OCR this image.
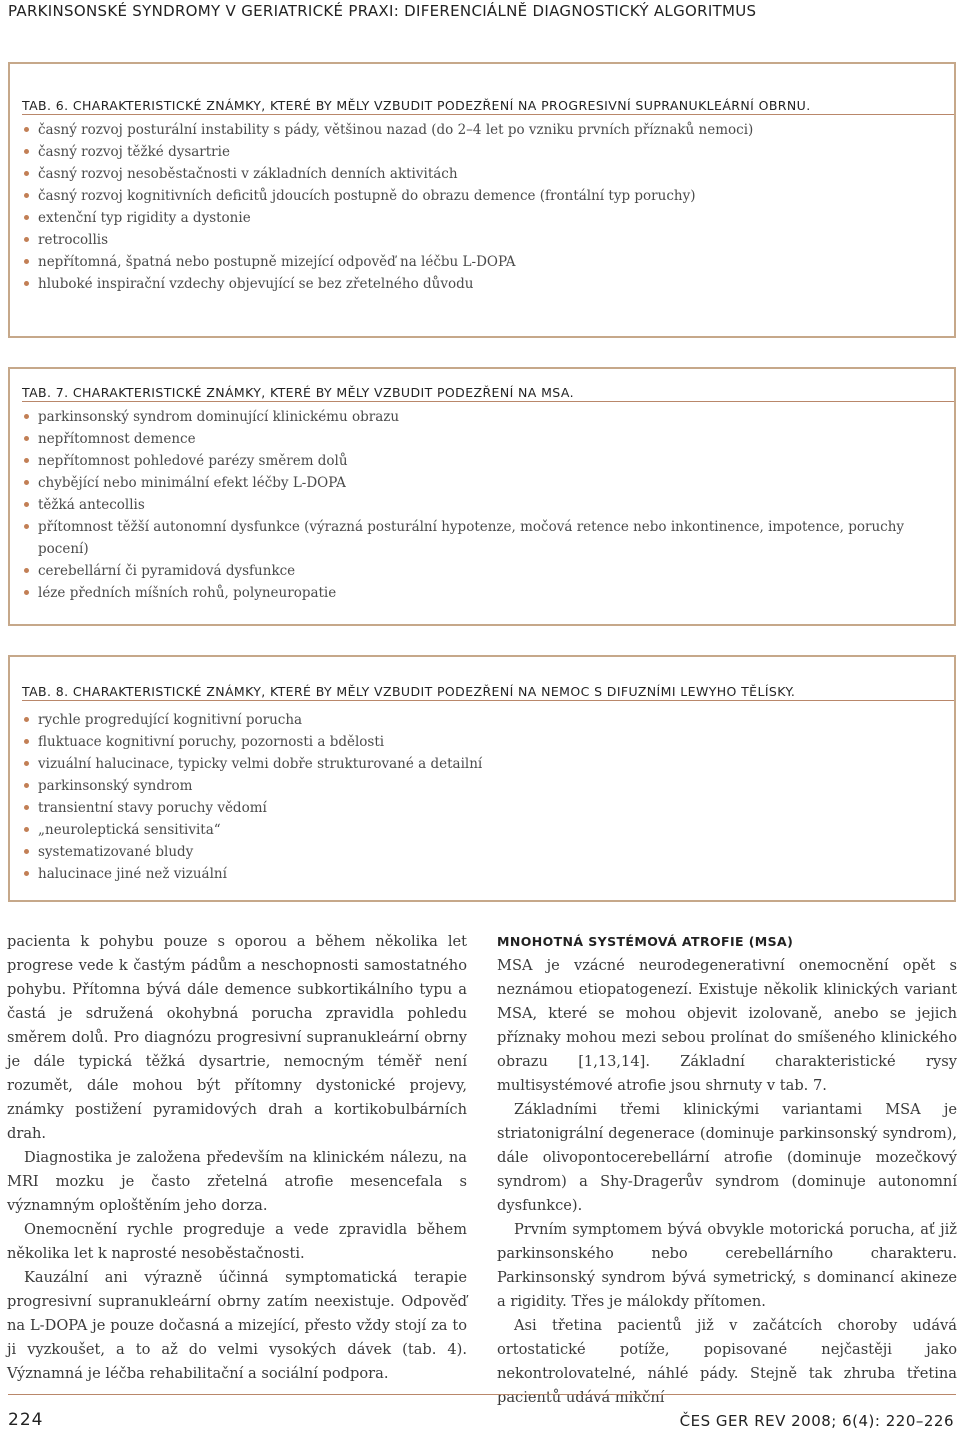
PARKINSONSKÉ SYNDROMY V GERIATRICKÉ PRAXI: DIFERENCIÁLNĚ DIAGNOSTICKÝ ALGORITMUS
TAB. 6. CHARAKTERISTICKÉ ZNÁMKY, KTERÉ BY MĚLY VZBUDIT PODEZŘENÍ NA PROGRESIVNÍ SUPRANUKLEÁRNÍ OBRNU.
časný rozvoj posturální instability s pády, většinou nazad (do 2–4 let po vzniku prvních příznaků nemoci)
časný rozvoj těžké dysartrie
časný rozvoj nesoběstačnosti v základních denních aktivitách
časný rozvoj kognitivních deficitů jdoucích postupně do obrazu demence (frontální typ poruchy)
extenční typ rigidity a dystonie
retrocollis
nepřítomná, špatná nebo postupně mizející odpověď na léčbu L-DOPA
hluboké inspirační vzdechy objevující se bez zřetelného důvodu
TAB. 7. CHARAKTERISTICKÉ ZNÁMKY, KTERÉ BY MĚLY VZBUDIT PODEZŘENÍ NA MSA.
parkinsonský syndrom dominující klinickému obrazu
nepřítomnost demence
nepřítomnost pohledové parézy směrem dolů
chybějící nebo minimální efekt léčby L-DOPA
těžká antecollis
přítomnost těžší autonomní dysfunkce (výrazná posturální hypotenze, močová retence nebo inkontinence, impotence, poruchy pocení)
cerebellární či pyramidová dysfunkce
léze předních míšních rohů, polyneuropatie
TAB. 8. CHARAKTERISTICKÉ ZNÁMKY, KTERÉ BY MĚLY VZBUDIT PODEZŘENÍ NA NEMOC S DIFUZNÍMI LEWYHO TĚLÍSKY.
rychle progredující kognitivní porucha
fluktuace kognitivní poruchy, pozornosti a bdělosti
vizuální halucinace, typicky velmi dobře strukturované a detailní
parkinsonský syndrom
transientní stavy poruchy vědomí
„neuroleptická sensitivita“
systematizované bludy
halucinace jiné než vizuální

pacienta k pohybu pouze s oporou a během několika let progrese vede k častým pádům a neschopnosti samostatného pohybu. Přítomna bývá dále demence subkortikálního typu a častá je sdružená okohybná porucha zpravidla pohledu směrem dolů. Pro diagnózu progresivní supranukleární obrny je dále typická těžká dysartrie, nemocným téměř není rozumět, dále mohou být přítomny dystonické projevy, známky postižení pyramidových drah a kortikobulbárních drah.

Diagnostika je založena především na klinickém nálezu, na MRI mozku je často zřetelná atrofie mesencefala s významným oploštěním jeho dorza.

Onemocnění rychle progreduje a vede zpravidla během několika let k naprosté nesoběstačnosti.

Kauzální ani výrazně účinná symptomatická terapie progresivní supranukleární obrny zatím neexistuje. Odpověď na L-DOPA je pouze dočasná a mizející, přesto vždy stojí za to ji vyzkoušet, a to až do velmi vysokých dávek (tab. 4). Významná je léčba rehabilitační a sociální podpora.

MNOHOTNÁ SYSTÉMOVÁ ATROFIE (MSA)

MSA je vzácné neurodegenerativní onemocnění opět s neznámou etiopatogenezí. Existuje několik klinických variant MSA, které se mohou objevit izolovaně, anebo se jejich příznaky mohou mezi sebou prolínat do smíšeného klinického obrazu [1,13,14]. Základní charakteristické rysy multisystémové atrofie jsou shrnuty v tab. 7.

Základními třemi klinickými variantami MSA je striatonigrální degenerace (dominuje parkinsonský syndrom), dále olivopontocerebellární atrofie (dominuje mozečkový syndrom) a Shy-Dragerův syndrom (dominuje autonomní dysfunkce).

Prvním symptomem bývá obvykle motorická porucha, ať již parkinsonského nebo cerebellárního charakteru. Parkinsonský syndrom bývá symetrický, s dominancí akineze a rigidity. Třes je málokdy přítomen.

Asi třetina pacientů již v začátcích choroby udává ortostatické potíže, popisované nejčastěji jako nekontrolovatelné, náhlé pády. Stejně tak zhruba třetina pacientů udává mikční

224	ČES GER REV 2008; 6(4): 220–226
